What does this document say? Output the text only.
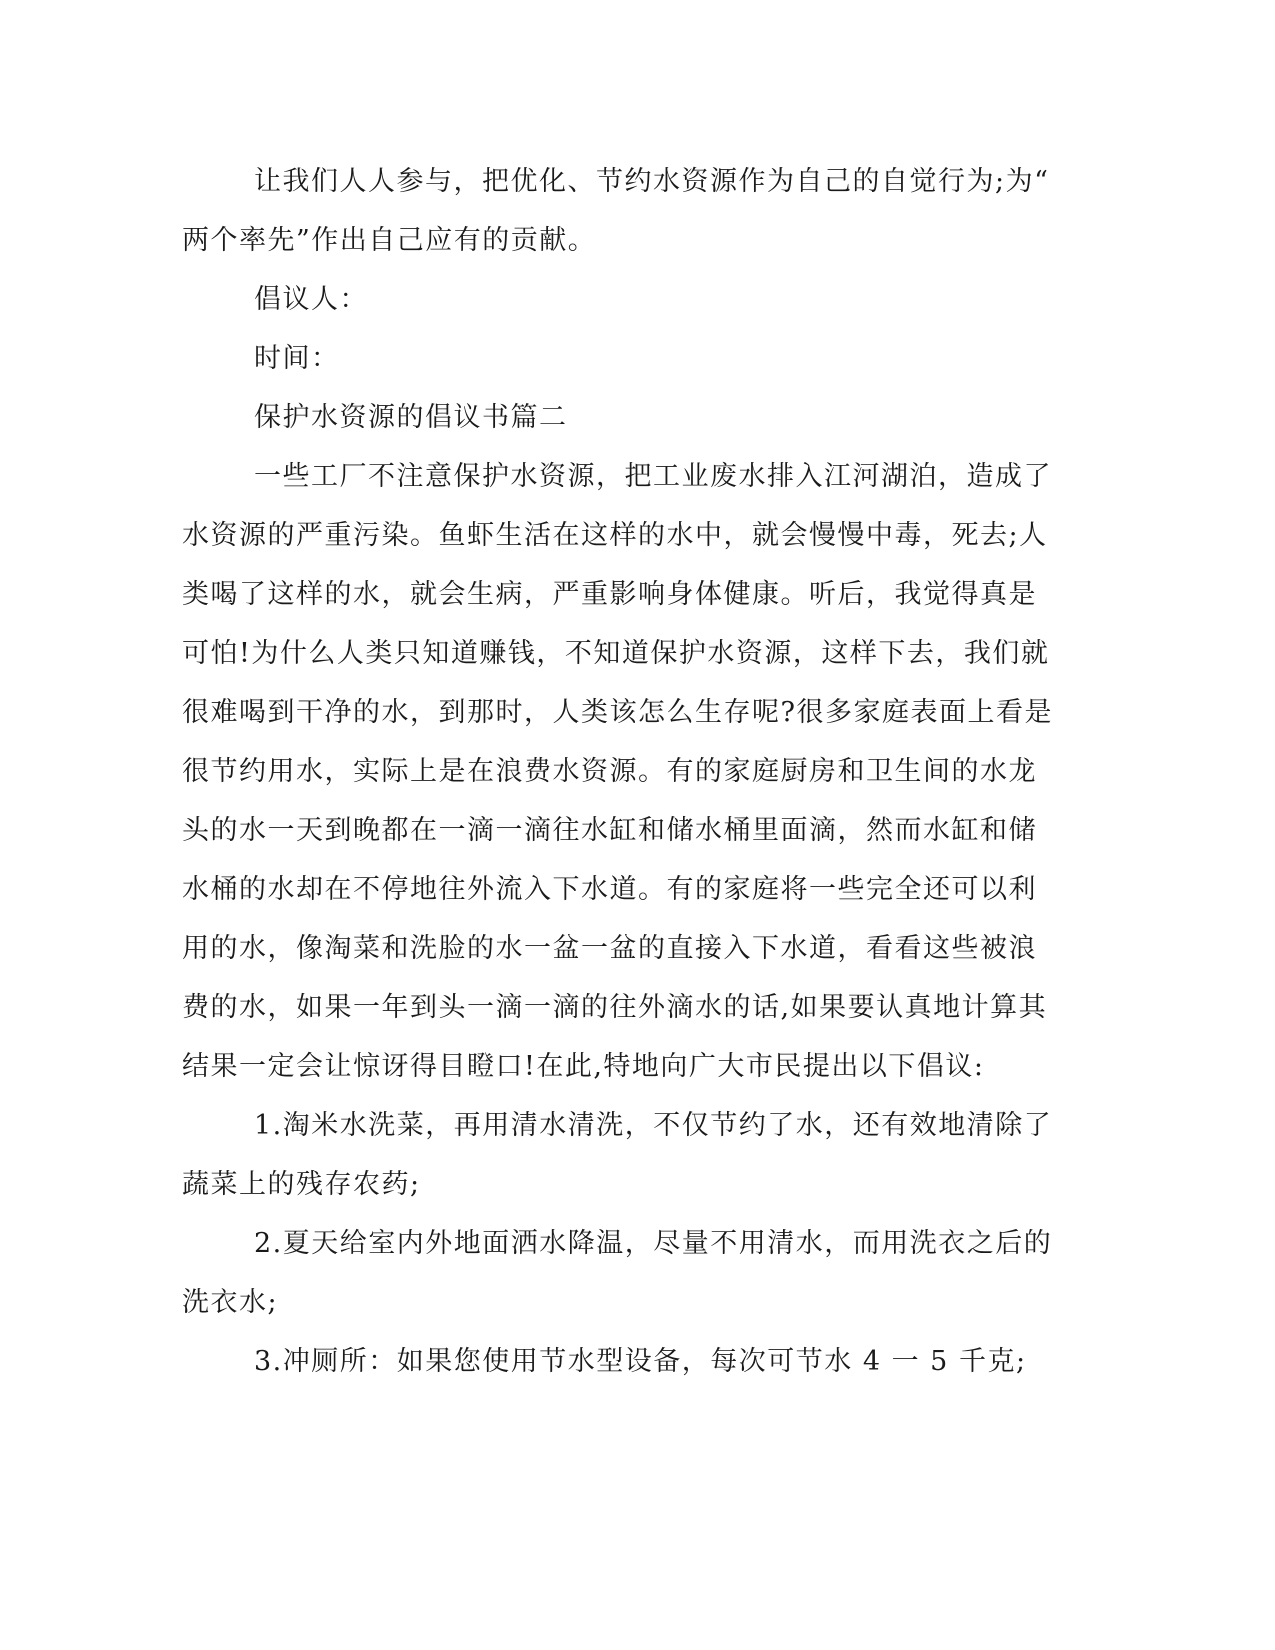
让我们人人参与，把优化、节约水资源作为自己的自觉行为;为“
两个率先”作出自己应有的贡献。

倡议人：

时间：

保护水资源的倡议书篇二

一些工厂不注意保护水资源，把工业废水排入江河湖泊，造成了
水资源的严重污染。鱼虾生活在这样的水中，就会慢慢中毒，死去;人
类喝了这样的水，就会生病，严重影响身体健康。听后，我觉得真是
可怕!为什么人类只知道赚钱，不知道保护水资源，这样下去，我们就
很难喝到干净的水，到那时，人类该怎么生存呢?很多家庭表面上看是
很节约用水，实际上是在浪费水资源。有的家庭厨房和卫生间的水龙
头的水一天到晚都在一滴一滴往水缸和储水桶里面滴，然而水缸和储
水桶的水却在不停地往外流入下水道。有的家庭将一些完全还可以利
用的水，像淘菜和洗脸的水一盆一盆的直接入下水道，看看这些被浪
费的水，如果一年到头一滴一滴的往外滴水的话,如果要认真地计算其
结果一定会让惊讶得目瞪口!在此,特地向广大市民提出以下倡议:

1.淘米水洗菜，再用清水清洗，不仅节约了水，还有效地清除了
蔬菜上的残存农药;

2.夏天给室内外地面洒水降温，尽量不用清水，而用洗衣之后的
洗衣水;

3.冲厕所：如果您使用节水型设备，每次可节水 4 一 5 千克;
